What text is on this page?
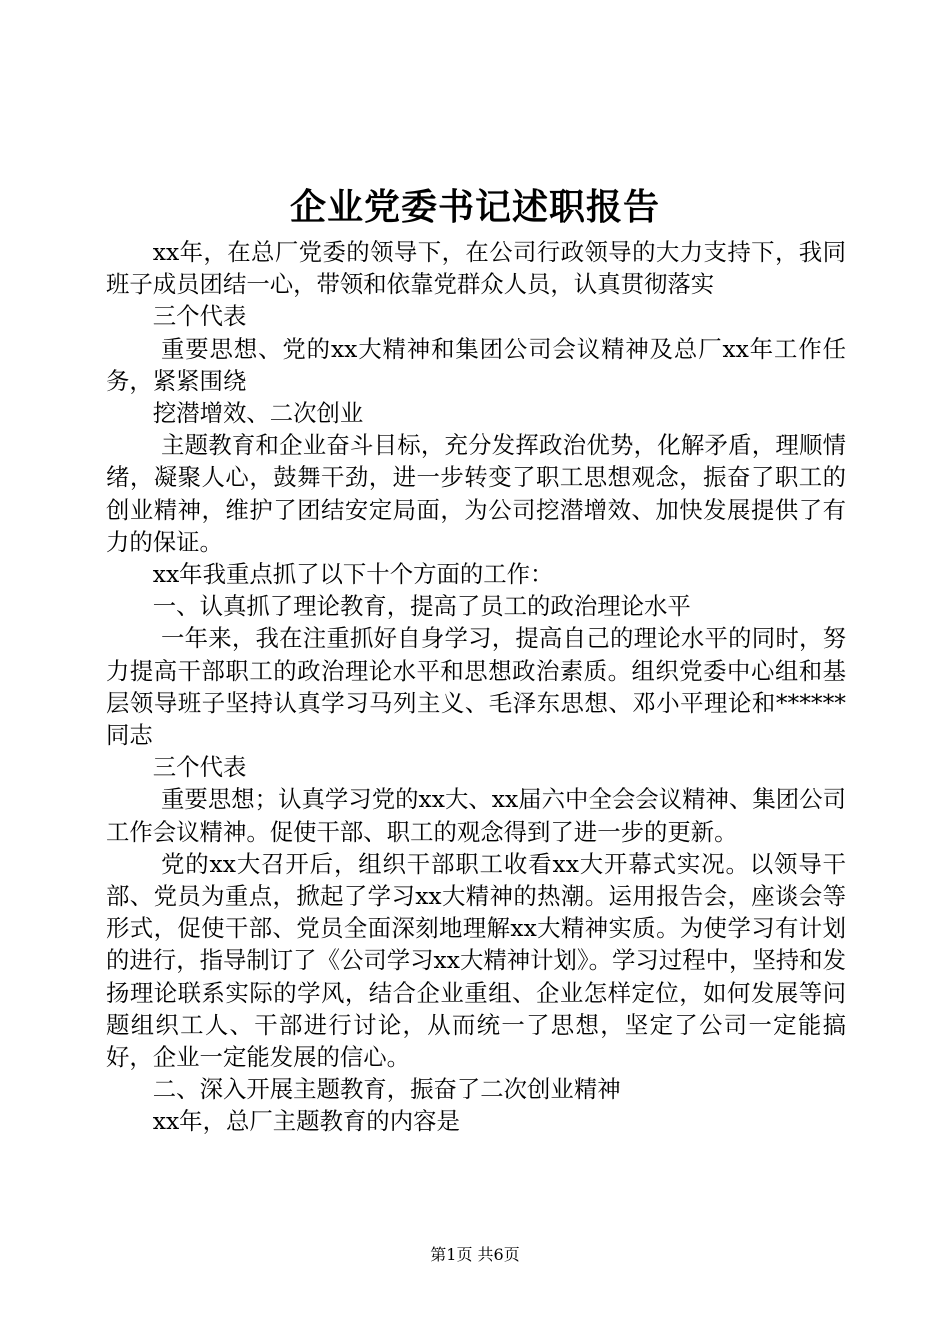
企业党委书记述职报告

xx年，在总厂党委的领导下，在公司行政领导的大力支持下，我同班子成员团结一心，带领和依靠党群众人员，认真贯彻落实

三个代表

重要思想、党的xx大精神和集团公司会议精神及总厂xx年工作任务，紧紧围绕

挖潜增效、二次创业

主题教育和企业奋斗目标，充分发挥政治优势，化解矛盾，理顺情绪，凝聚人心，鼓舞干劲，进一步转变了职工思想观念，振奋了职工的创业精神，维护了团结安定局面，为公司挖潜增效、加快发展提供了有力的保证。

xx年我重点抓了以下十个方面的工作：

一、认真抓了理论教育，提高了员工的政治理论水平

一年来，我在注重抓好自身学习，提高自己的理论水平的同时，努力提高干部职工的政治理论水平和思想政治素质。组织党委中心组和基层领导班子坚持认真学习马列主义、毛泽东思想、邓小平理论和******同志

三个代表

重要思想；认真学习党的xx大、xx届六中全会会议精神、集团公司工作会议精神。促使干部、职工的观念得到了进一步的更新。

党的xx大召开后，组织干部职工收看xx大开幕式实况。以领导干部、党员为重点，掀起了学习xx大精神的热潮。运用报告会，座谈会等形式，促使干部、党员全面深刻地理解xx大精神实质。为使学习有计划的进行，指导制订了《公司学习xx大精神计划》。学习过程中，坚持和发扬理论联系实际的学风，结合企业重组、企业怎样定位，如何发展等问题组织工人、干部进行讨论，从而统一了思想，坚定了公司一定能搞好，企业一定能发展的信心。

二、深入开展主题教育，振奋了二次创业精神

xx年，总厂主题教育的内容是

第1页 共6页
